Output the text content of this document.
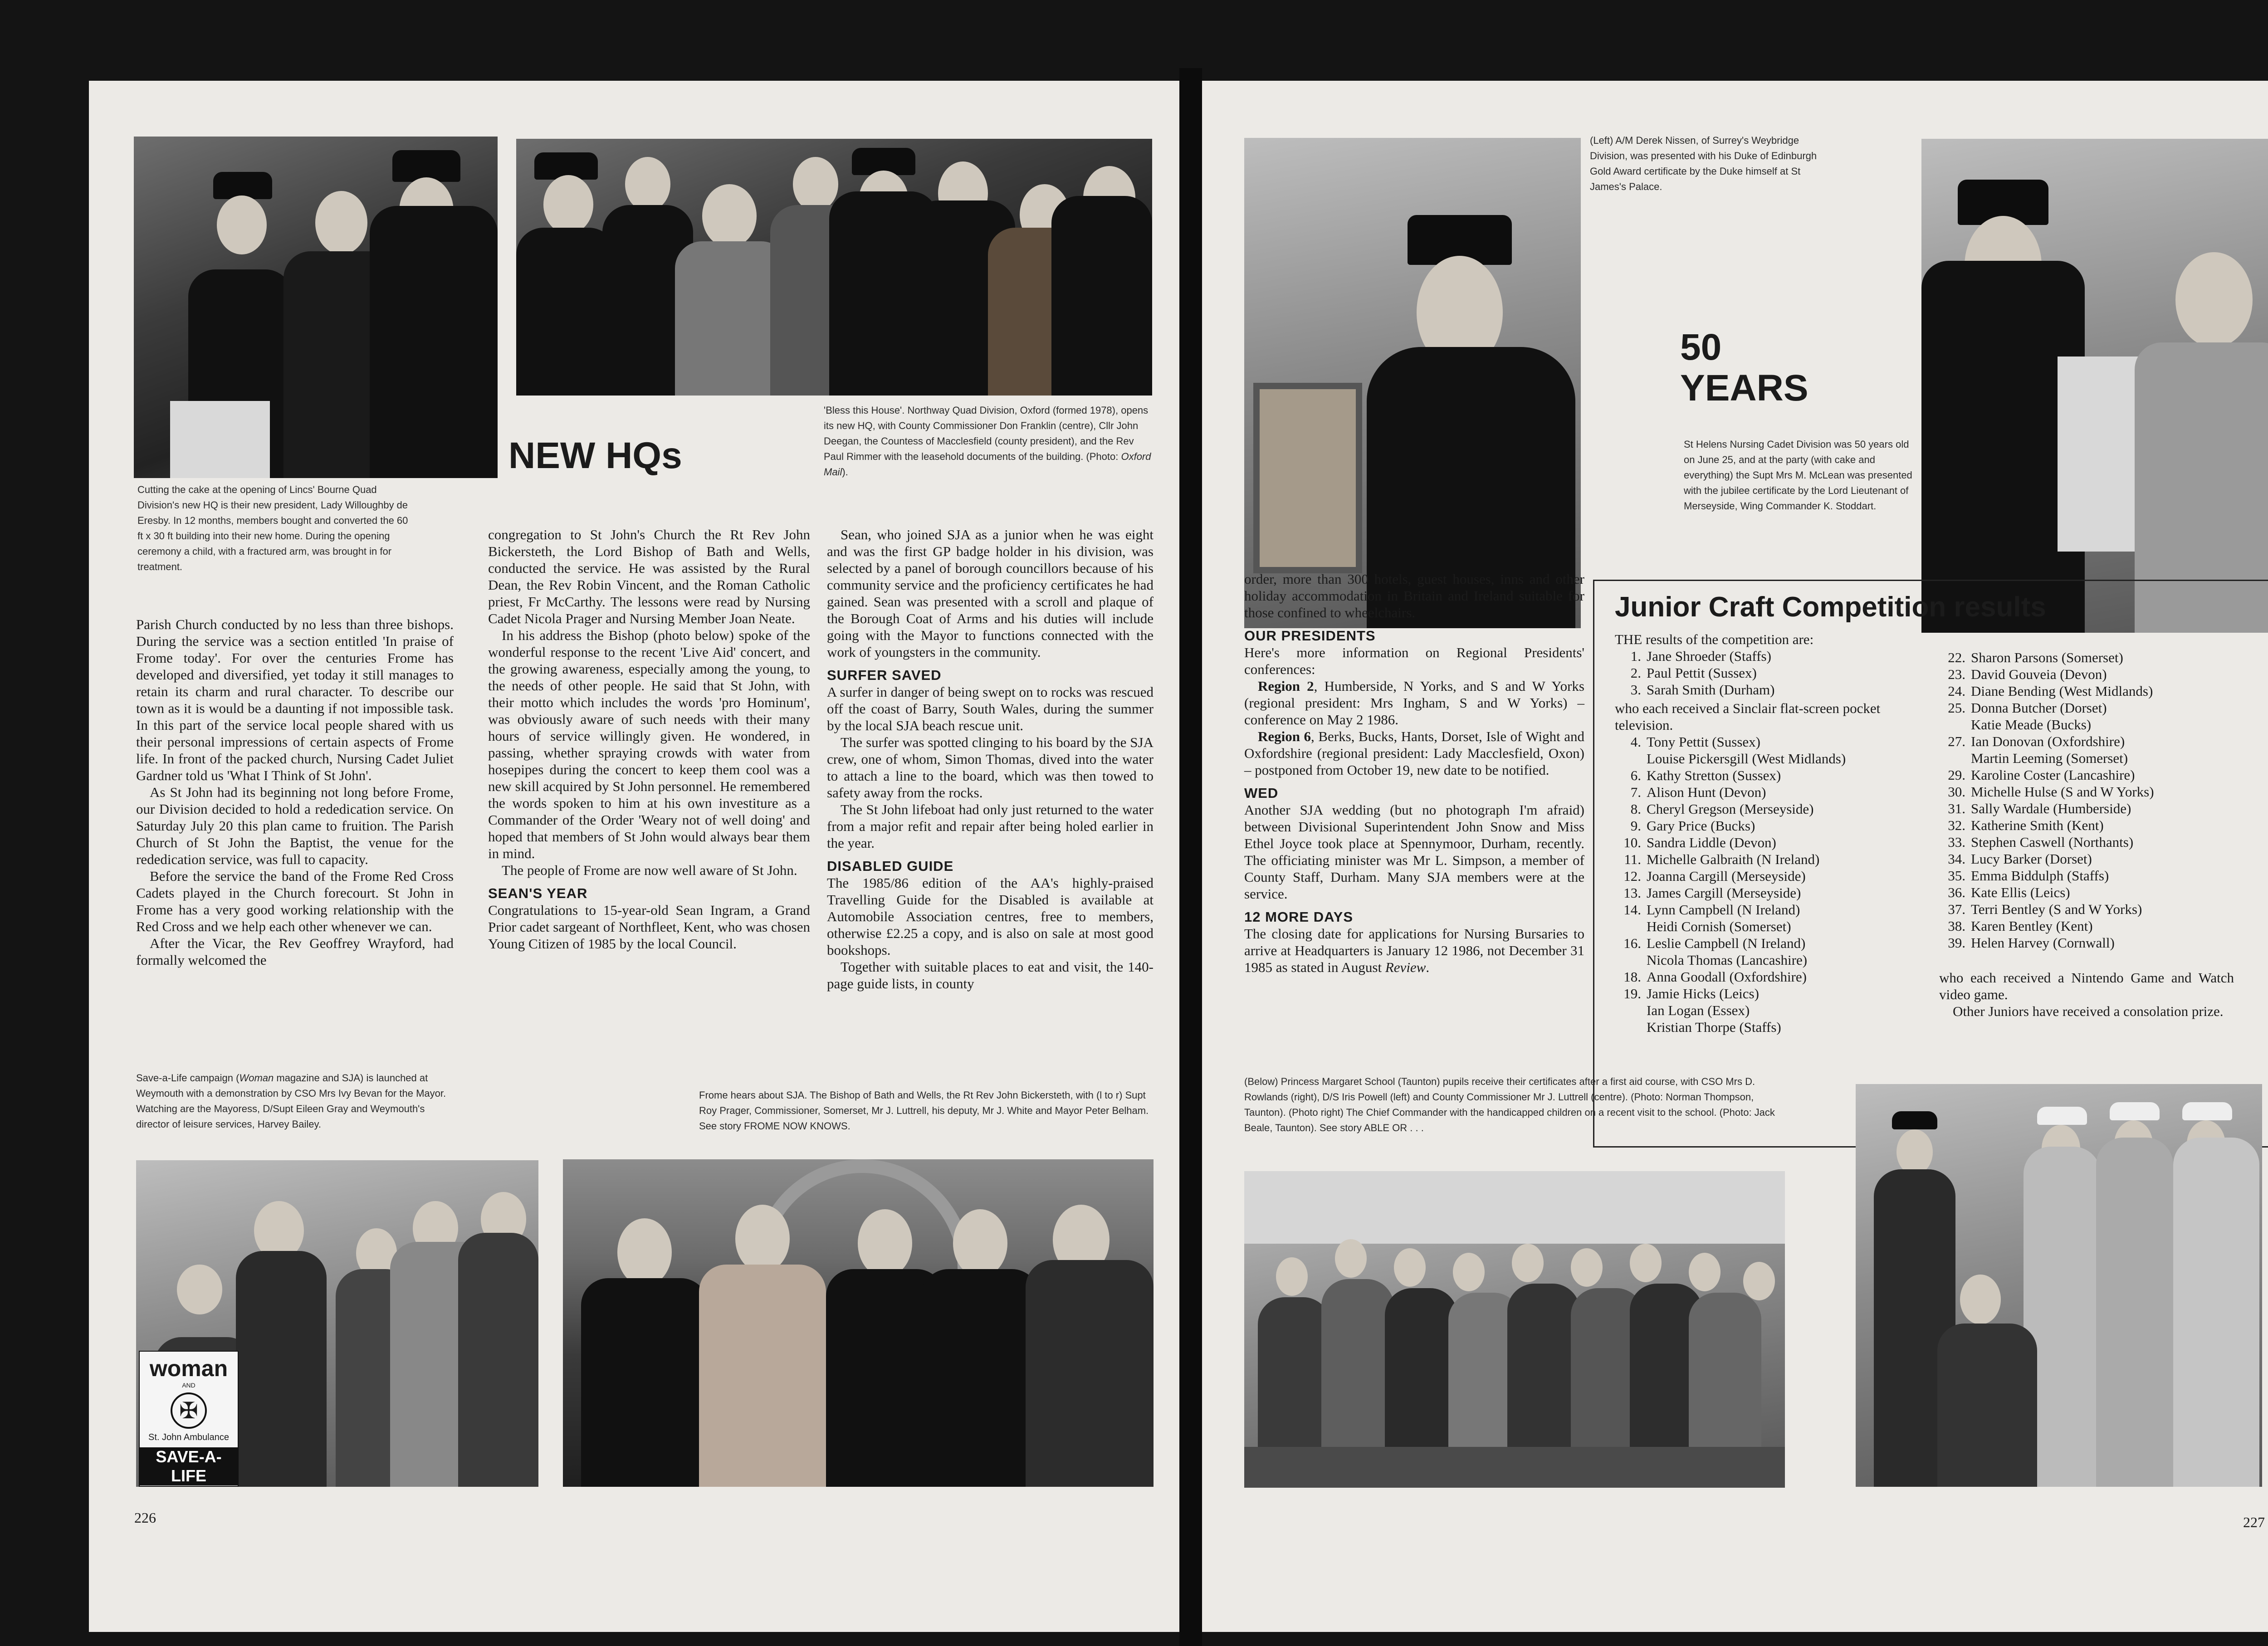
Cutting the cake at the opening of Lincs' Bourne Quad Division's new HQ is their new president, Lady Willoughby de Eresby. In 12 months, members bought and converted the 60 ft x 30 ft building into their new home. During the opening ceremony a child, with a fractured arm, was brought in for treatment.
NEW HQs
'Bless this House'. Northway Quad Division, Oxford (formed 1978), opens its new HQ, with County Commissioner Don Franklin (centre), Cllr John Deegan, the Countess of Macclesfield (county president), and the Rev Paul Rimmer with the leasehold documents of the building. (Photo: Oxford Mail).

Parish Church conducted by no less than three bishops. During the service was a section entitled 'In praise of Frome today'. For over the centuries Frome has developed and diversified, yet today it still manages to retain its charm and rural character. To describe our town as it is would be a daunting if not impossible task. In this part of the service local people shared with us their personal impressions of certain aspects of Frome life. In front of the packed church, Nursing Cadet Juliet Gardner told us 'What I Think of St John'.

As St John had its beginning not long before Frome, our Division decided to hold a rededication service. On Saturday July 20 this plan came to fruition. The Parish Church of St John the Baptist, the venue for the rededication service, was full to capacity.

Before the service the band of the Frome Red Cross Cadets played in the Church forecourt. St John in Frome has a very good working relationship with the Red Cross and we help each other whenever we can.

After the Vicar, the Rev Geoffrey Wrayford, had formally welcomed the

Save-a-Life campaign (Woman magazine and SJA) is launched at Weymouth with a demonstration by CSO Mrs Ivy Bevan for the Mayor. Watching are the Mayoress, D/Supt Eileen Gray and Weymouth's director of leisure services, Harvey Bailey.

congregation to St John's Church the Rt Rev John Bickersteth, the Lord Bishop of Bath and Wells, conducted the service. He was assisted by the Rural Dean, the Rev Robin Vincent, and the Roman Catholic priest, Fr McCarthy. The lessons were read by Nursing Cadet Nicola Prager and Nursing Member Joan Neate.

In his address the Bishop (photo below) spoke of the wonderful response to the recent 'Live Aid' concert, and the growing awareness, especially among the young, to the needs of other people. He said that St John, with their motto which includes the words 'pro Hominum', was obviously aware of such needs with their many hours of service willingly given. He wondered, in passing, whether spraying crowds with water from hosepipes during the concert to keep them cool was a new skill acquired by St John personnel. He remembered the words spoken to him at his own investiture as a Commander of the Order 'Weary not of well doing' and hoped that members of St John would always bear them in mind.

The people of Frome are now well aware of St John.

SEAN'S YEAR

Congratulations to 15-year-old Sean Ingram, a Grand Prior cadet sargeant of Northfleet, Kent, who was chosen Young Citizen of 1985 by the local Council.

Sean, who joined SJA as a junior when he was eight and was the first GP badge holder in his division, was selected by a panel of borough councillors because of his community service and the proficiency certificates he had gained. Sean was presented with a scroll and plaque of the Borough Coat of Arms and his duties will include going with the Mayor to functions connected with the work of youngsters in the community.

SURFER SAVED

A surfer in danger of being swept on to rocks was rescued off the coast of Barry, South Wales, during the summer by the local SJA beach rescue unit.

The surfer was spotted clinging to his board by the SJA crew, one of whom, Simon Thomas, dived into the water to attach a line to the board, which was then towed to safety away from the rocks.

The St John lifeboat had only just returned to the water from a major refit and repair after being holed earlier in the year.

DISABLED GUIDE

The 1985/86 edition of the AA's highly-praised Travelling Guide for the Disabled is available at Automobile Association centres, free to members, otherwise £2.25 a copy, and is also on sale at most good bookshops.

Together with suitable places to eat and visit, the 140-page guide lists, in county

Frome hears about SJA. The Bishop of Bath and Wells, the Rt Rev John Bickersteth, with (l to r) Supt Roy Prager, Commissioner, Somerset, Mr J. Luttrell, his deputy, Mr J. White and Mayor Peter Belham. See story FROME NOW KNOWS.
woman
AND
✠
St. John Ambulance
SAVE-A-LIFE
226
(Left) A/M Derek Nissen, of Surrey's Weybridge Division, was presented with his Duke of Edinburgh Gold Award certificate by the Duke himself at St James's Palace.
50
YEARS
St Helens Nursing Cadet Division was 50 years old on June 25, and at the party (with cake and everything) the Supt Mrs M. McLean was presented with the jubilee certificate by the Lord Lieutenant of Merseyside, Wing Commander K. Stoddart.

order, more than 300 hotels, guest houses, inns and other holiday accommodation in Britain and Ireland suitable for those confined to wheelchairs.

OUR PRESIDENTS

Here's more information on Regional Presidents' conferences:

Region 2, Humberside, N Yorks, and S and W Yorks (regional president: Mrs Ingham, S and W Yorks) – conference on May 2 1986.

Region 6, Berks, Bucks, Hants, Dorset, Isle of Wight and Oxfordshire (regional president: Lady Macclesfield, Oxon) – postponed from October 19, new date to be notified.

WED

Another SJA wedding (but no photograph I'm afraid) between Divisional Superintendent John Snow and Miss Ethel Joyce took place at Spennymoor, Durham, recently. The officiating minister was Mr L. Simpson, a member of County Staff, Durham. Many SJA members were at the service.

12 MORE DAYS

The closing date for applications for Nursing Bursaries to arrive at Headquarters is January 12 1986, not December 31 1985 as stated in August Review.

Junior Craft Competition results
THE results of the competition are:
1. Jane Shroeder (Staffs)
2. Paul Pettit (Sussex)
3. Sarah Smith (Durham)
who each received a Sinclair flat-screen pocket television.
4. Tony Pettit (Sussex)
Louise Pickersgill (West Midlands)
6. Kathy Stretton (Sussex)
7. Alison Hunt (Devon)
8. Cheryl Gregson (Merseyside)
9. Gary Price (Bucks)
10. Sandra Liddle (Devon)
11. Michelle Galbraith (N Ireland)
12. Joanna Cargill (Merseyside)
13. James Cargill (Merseyside)
14. Lynn Campbell (N Ireland)
Heidi Cornish (Somerset)
16. Leslie Campbell (N Ireland)
Nicola Thomas (Lancashire)
18. Anna Goodall (Oxfordshire)
19. Jamie Hicks (Leics)
Ian Logan (Essex)
Kristian Thorpe (Staffs)
22. Sharon Parsons (Somerset)
23. David Gouveia (Devon)
24. Diane Bending (West Midlands)
25. Donna Butcher (Dorset)
Katie Meade (Bucks)
27. Ian Donovan (Oxfordshire)
Martin Leeming (Somerset)
29. Karoline Coster (Lancashire)
30. Michelle Hulse (S and W Yorks)
31. Sally Wardale (Humberside)
32. Katherine Smith (Kent)
33. Stephen Caswell (Northants)
34. Lucy Barker (Dorset)
35. Emma Biddulph (Staffs)
36. Kate Ellis (Leics)
37. Terri Bentley (S and W Yorks)
38. Karen Bentley (Kent)
39. Helen Harvey (Cornwall)
who each received a Nintendo Game and Watch video game.
Other Juniors have received a consolation prize.
(Below) Princess Margaret School (Taunton) pupils receive their certificates after a first aid course, with CSO Mrs D. Rowlands (right), D/S Iris Powell (left) and County Commissioner Mr J. Luttrell (centre). (Photo: Norman Thompson, Taunton). (Photo right) The Chief Commander with the handicapped children on a recent visit to the school. (Photo: Jack Beale, Taunton). See story ABLE OR . . .
227
